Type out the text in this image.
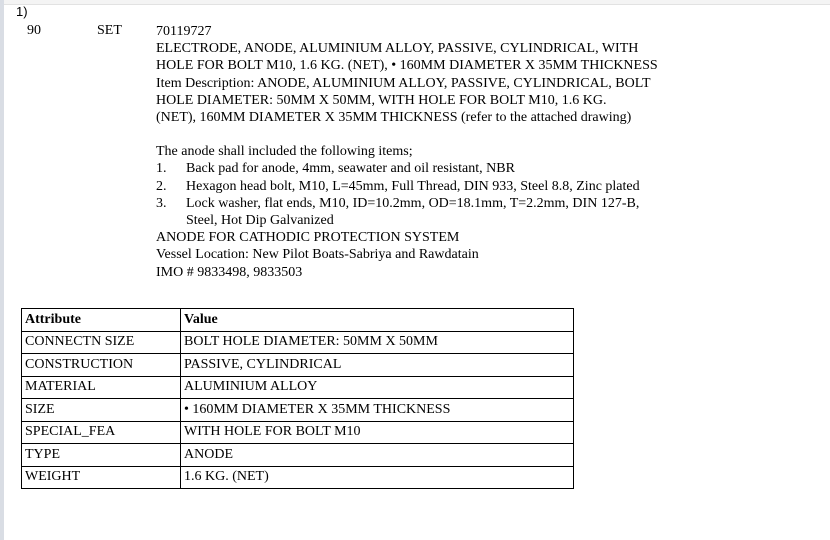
1)
90	SET 70119727
ELECTRODE, ANODE, ALUMINIUM ALLOY, PASSIVE, CYLINDRICAL, WITH
HOLE FOR BOLT M10, 1.6 KG. (NET), • 160MM DIAMETER X 35MM THICKNESS
Item Description: ANODE, ALUMINIUM ALLOY, PASSIVE, CYLINDRICAL, BOLT
HOLE DIAMETER: 50MM X 50MM, WITH HOLE FOR BOLT M10, 1.6 KG.
(NET), 160MM DIAMETER X 35MM THICKNESS (refer to the attached drawing)
The anode shall included the following items;
1.	Back pad for anode, 4mm, seawater and oil resistant, NBR
2.	Hexagon head bolt, M10, L=45mm, Full Thread, DIN 933, Steel 8.8, Zinc plated
3.	Lock washer, flat ends, M10, ID=10.2mm, OD=18.1mm, T=2.2mm, DIN 127-B,
Steel, Hot Dip Galvanized
ANODE FOR CATHODIC PROTECTION SYSTEM
Vessel Location: New Pilot Boats-Sabriya and Rawdatain
IMO # 9833498, 9833503
Attribute	Value
CONNECTN SIZE	BOLT HOLE DIAMETER: 50MM X 50MM
CONSTRUCTION	PASSIVE, CYLINDRICAL
MATERIAL	ALUMINIUM ALLOY
SIZE	• 160MM DIAMETER X 35MM THICKNESS
SPECIAL_FEA	WITH HOLE FOR BOLT M10
TYPE	ANODE
WEIGHT	1.6 KG. (NET)
